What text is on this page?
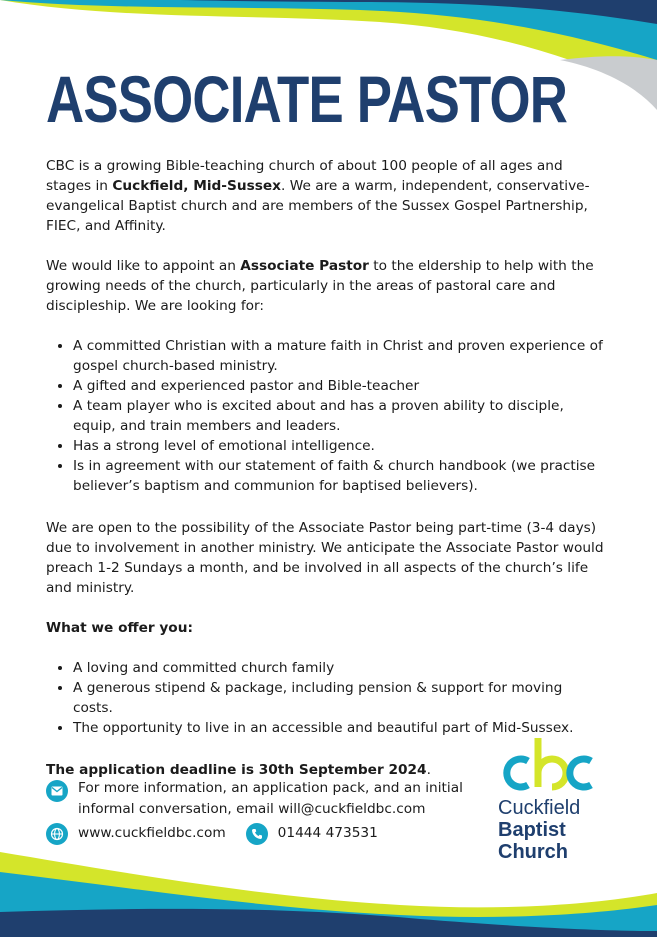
ASSOCIATE PASTOR

CBC is a growing Bible-teaching church of about 100 people of all ages and stages in Cuckfield, Mid-Sussex. We are a warm, independent, conservative-evangelical Baptist church and are members of the Sussex Gospel Partnership, FIEC, and Affinity.

We would like to appoint an Associate Pastor to the eldership to help with the growing needs of the church, particularly in the areas of pastoral care and discipleship. We are looking for:

• A committed Christian with a mature faith in Christ and proven experience of gospel church-based ministry.
• A gifted and experienced pastor and Bible-teacher
• A team player who is excited about and has a proven ability to disciple, equip, and train members and leaders.
• Has a strong level of emotional intelligence.
• Is in agreement with our statement of faith & church handbook (we practise believer’s baptism and communion for baptised believers).

We are open to the possibility of the Associate Pastor being part-time (3-4 days) due to involvement in another ministry. We anticipate the Associate Pastor would preach 1-2 Sundays a month, and be involved in all aspects of the church’s life and ministry.

What we offer you:

• A loving and committed church family
• A generous stipend & package, including pension & support for moving costs.
• The opportunity to live in an accessible and beautiful part of Mid-Sussex.

The application deadline is 30th September 2024.

For more information, an application pack, and an initial
informal conversation, email will@cuckfieldbc.com
www.cuckfieldbc.com	01444 473531
Cuckfield
Baptist
Church
